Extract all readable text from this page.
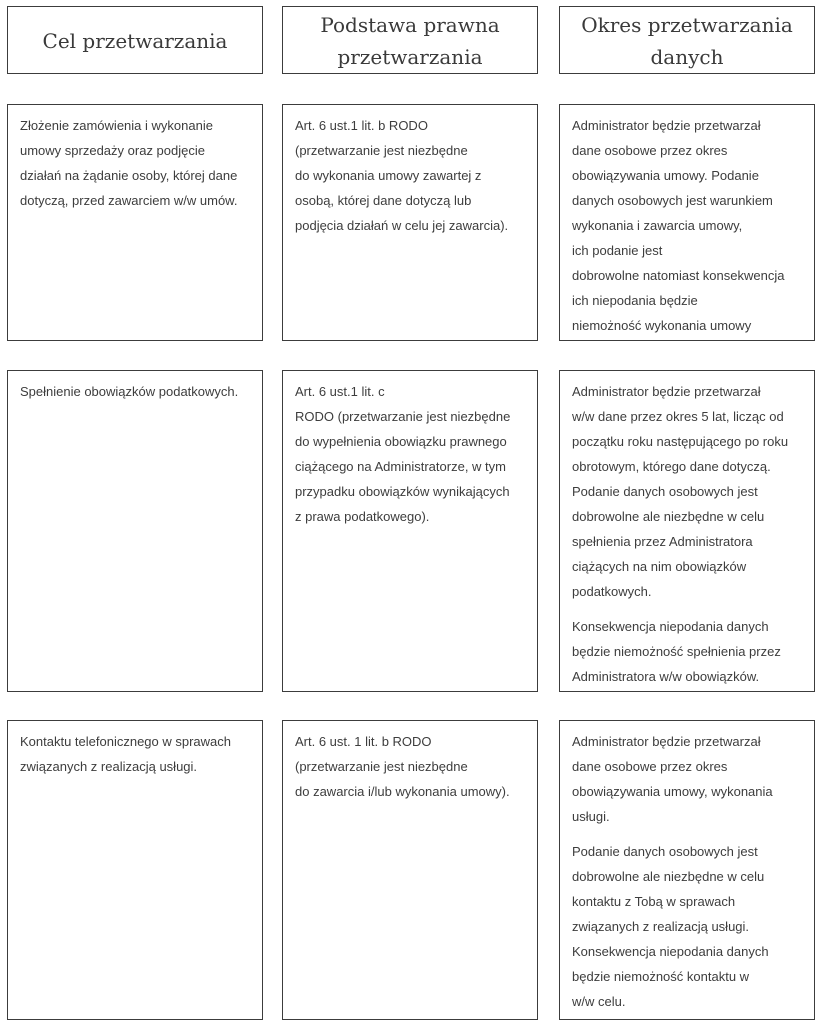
Cel przetwarzania
Podstawa prawna
przetwarzania
Okres przetwarzania
danych
Złożenie zamówienia i wykonanie
umowy sprzedaży oraz podjęcie
działań na żądanie osoby, której dane
dotyczą, przed zawarciem w/w umów.
Art. 6 ust.1 lit. b RODO
(przetwarzanie jest niezbędne
do wykonania umowy zawartej z
osobą, której dane dotyczą lub
podjęcia działań w celu jej zawarcia).
Administrator będzie przetwarzał
dane osobowe przez okres
obowiązywania umowy. Podanie
danych osobowych jest warunkiem
wykonania i zawarcia umowy,
ich podanie jest
dobrowolne natomiast konsekwencja
ich niepodania będzie
niemożność wykonania umowy
Spełnienie obowiązków podatkowych.	Art. 6 ust.1 lit. c
RODO (przetwarzanie jest niezbędne
do wypełnienia obowiązku prawnego
ciążącego na Administratorze, w tym
przypadku obowiązków wynikających
z prawa podatkowego).
Administrator będzie przetwarzał
w/w dane przez okres 5 lat, licząc od
początku roku następującego po roku
obrotowym, którego dane dotyczą.
Podanie danych osobowych jest
dobrowolne ale niezbędne w celu
spełnienia przez Administratora
ciążących na nim obowiązków
podatkowych.
Konsekwencja niepodania danych
będzie niemożność spełnienia przez
Administratora w/w obowiązków.
Kontaktu telefonicznego w sprawach
związanych z realizacją usługi.
Art. 6 ust. 1 lit. b RODO
(przetwarzanie jest niezbędne
do zawarcia i/lub wykonania umowy).
Administrator będzie przetwarzał
dane osobowe przez okres
obowiązywania umowy, wykonania
usługi.
Podanie danych osobowych jest
dobrowolne ale niezbędne w celu
kontaktu z Tobą w sprawach
związanych z realizacją usługi.
Konsekwencja niepodania danych
będzie niemożność kontaktu w
w/w celu.
